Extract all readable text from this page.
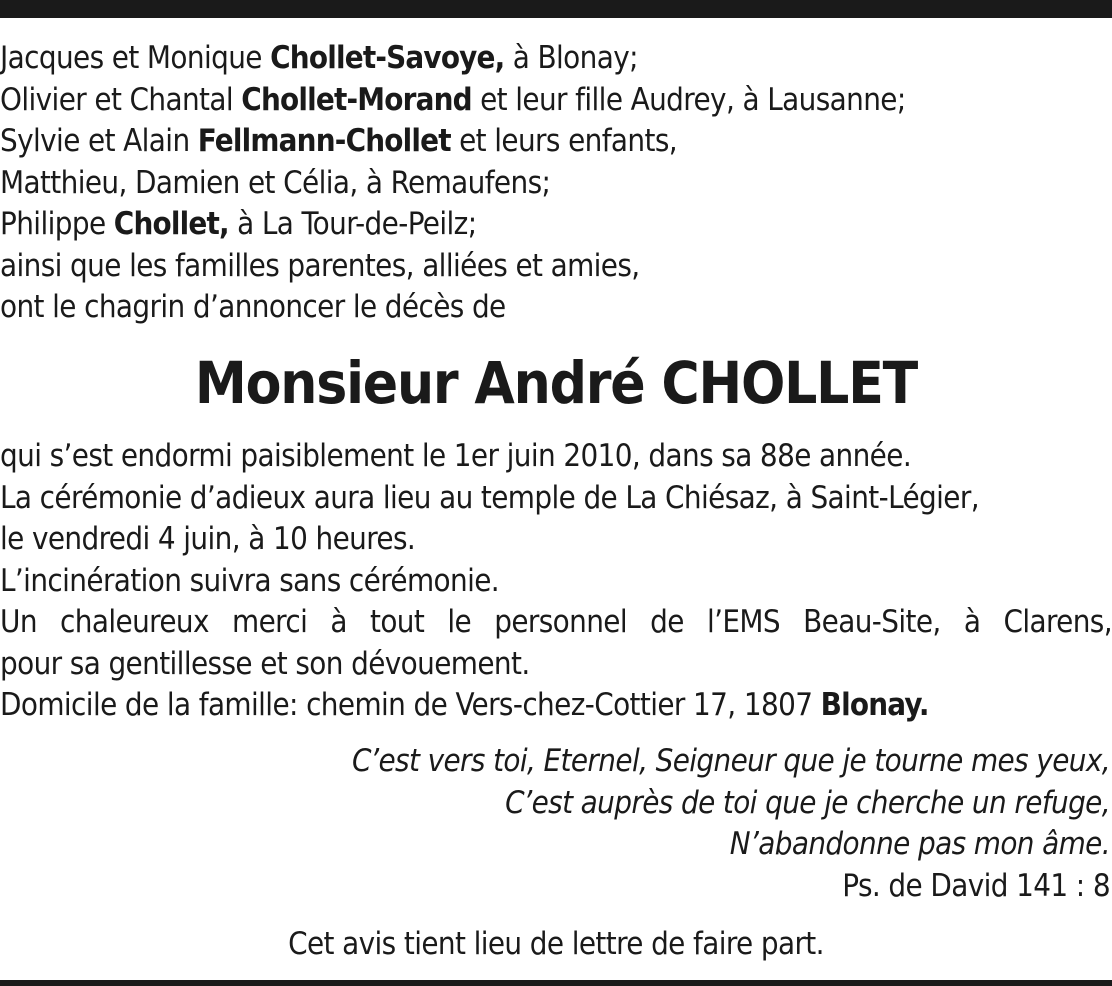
Jacques et Monique Chollet-Savoye, à Blonay;
Olivier et Chantal Chollet-Morand et leur fille Audrey, à Lausanne;
Sylvie et Alain Fellmann-Chollet et leurs enfants,
Matthieu, Damien et Célia, à Remaufens;
Philippe Chollet, à La Tour-de-Peilz;
ainsi que les familles parentes, alliées et amies,
ont le chagrin d’annoncer le décès de
Monsieur André CHOLLET
qui s’est endormi paisiblement le 1er juin 2010, dans sa 88e année.
La cérémonie d’adieux aura lieu au temple de La Chiésaz, à Saint-Légier,
le vendredi 4 juin, à 10 heures.
L’incinération suivra sans cérémonie.
Un chaleureux merci à tout le personnel de l’EMS Beau-Site, à Clarens,
pour sa gentillesse et son dévouement.
Domicile de la famille: chemin de Vers-chez-Cottier 17, 1807 Blonay.
C’est vers toi, Eternel, Seigneur que je tourne mes yeux,
C’est auprès de toi que je cherche un refuge,
N’abandonne pas mon âme.
Ps. de David 141 : 8
Cet avis tient lieu de lettre de faire part.
